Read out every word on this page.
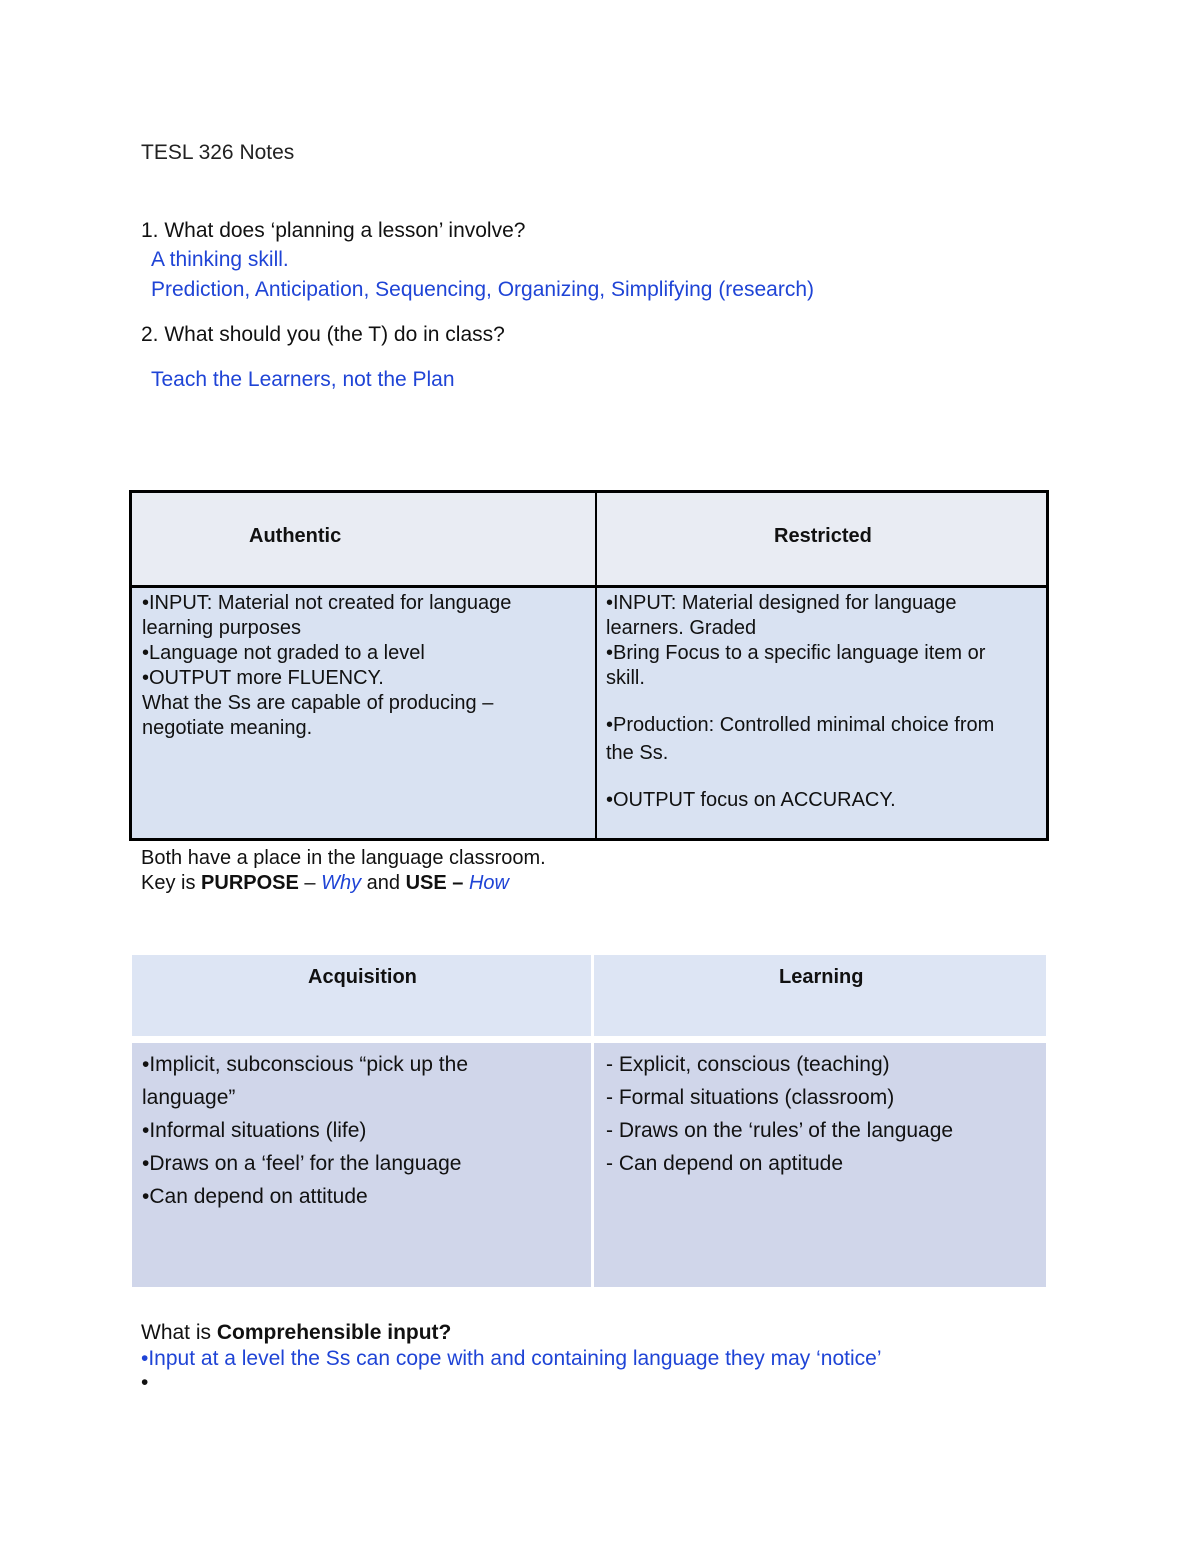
TESL 326 Notes
1. What does ‘planning a lesson’ involve?
A thinking skill.
Prediction, Anticipation, Sequencing, Organizing, Simplifying (research)
2. What should you (the T) do in class?
Teach the Learners, not the Plan
Authentic	Restricted
•INPUT: Material not created for language
learning purposes
•Language not graded to a level
•OUTPUT more FLUENCY.
What the Ss are capable of producing –
negotiate meaning.
•INPUT: Material designed for language
learners. Graded
•Bring Focus to a specific language item or
skill.
•Production: Controlled minimal choice from
the Ss.
•OUTPUT focus on ACCURACY.
Both have a place in the language classroom.
Key is PURPOSE – Why and USE – How
Acquisition	Learning
•Implicit, subconscious “pick up the
language”
•Informal situations (life)
•Draws on a ‘feel’ for the language
•Can depend on attitude
- Explicit, conscious (teaching)
- Formal situations (classroom)
- Draws on the ‘rules’ of the language
- Can depend on aptitude
What is Comprehensible input?
•Input at a level the Ss can cope with and containing language they may ‘notice’
•
